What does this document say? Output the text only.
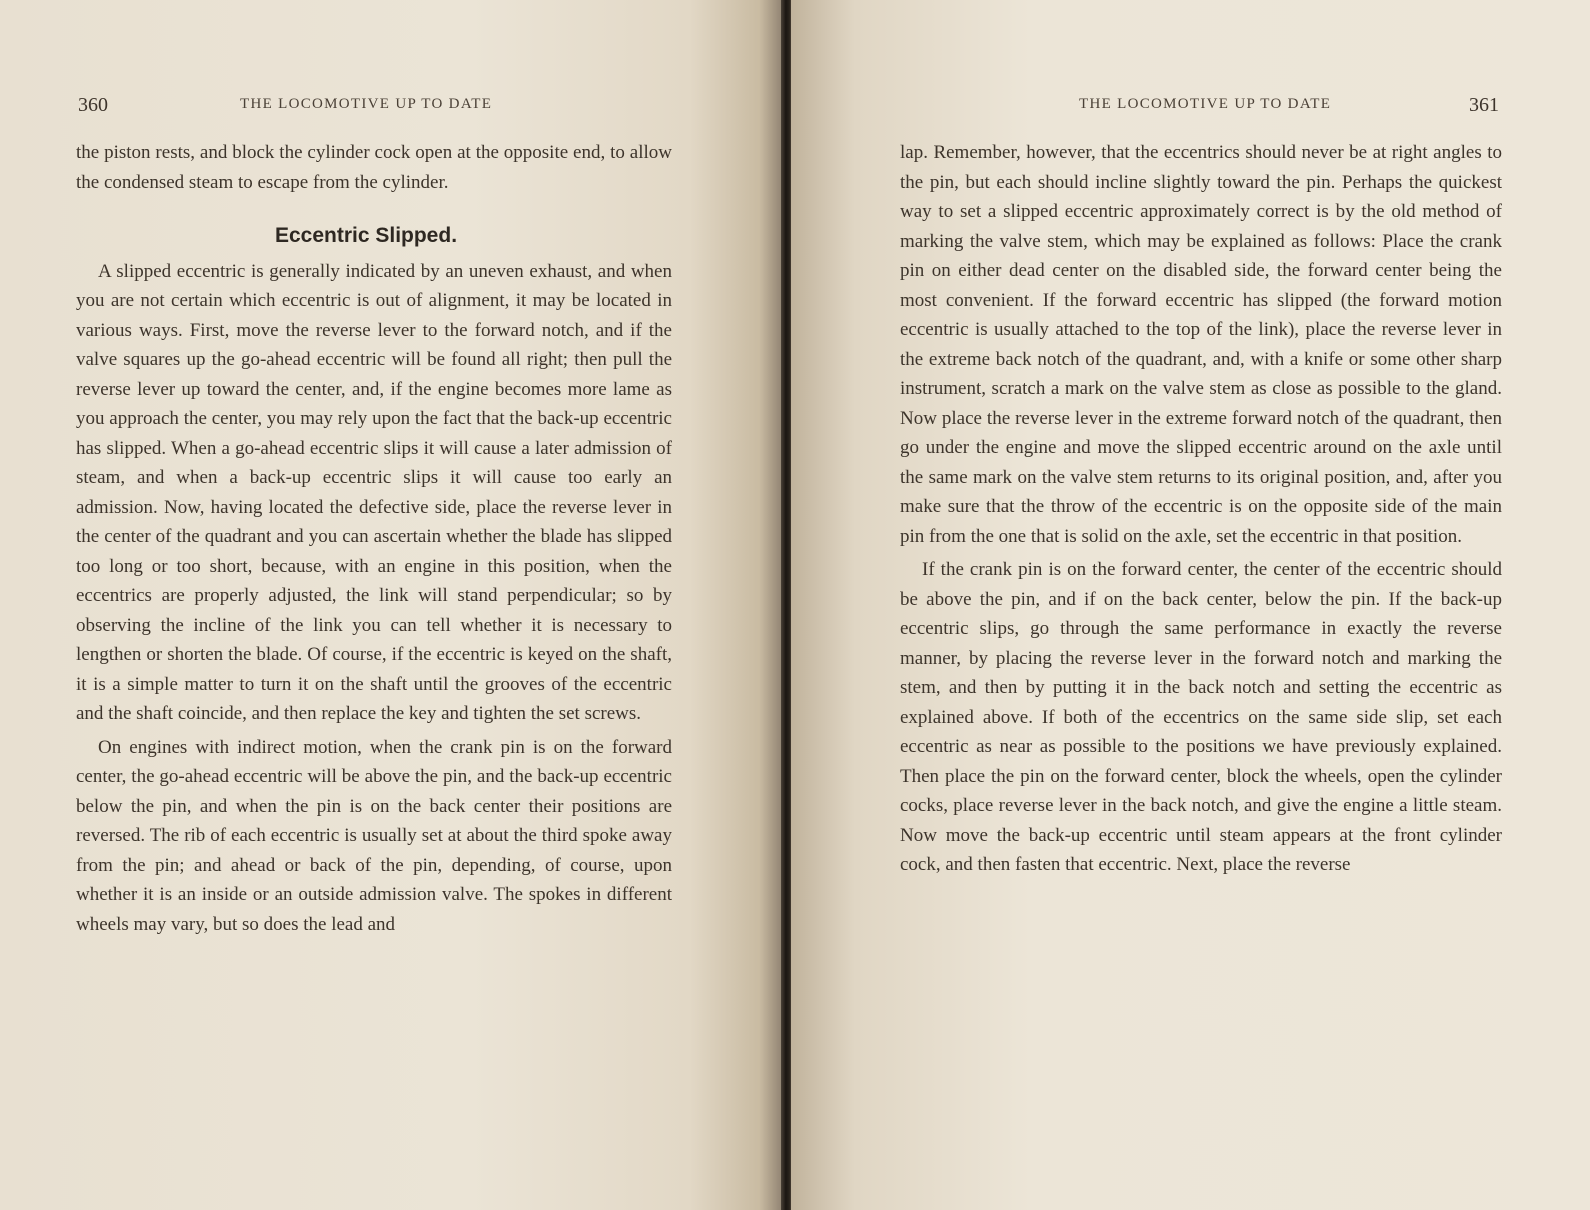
360	THE LOCOMOTIVE UP TO DATE

the piston rests, and block the cylinder cock open at the opposite end, to allow the condensed steam to escape from the cylinder.

Eccentric Slipped.

A slipped eccentric is generally indicated by an uneven exhaust, and when you are not certain which eccentric is out of alignment, it may be located in various ways. First, move the reverse lever to the forward notch, and if the valve squares up the go-ahead eccentric will be found all right; then pull the reverse lever up toward the center, and, if the engine becomes more lame as you approach the center, you may rely upon the fact that the back-up eccentric has slipped. When a go-ahead eccentric slips it will cause a later admission of steam, and when a back-up eccentric slips it will cause too early an admission. Now, having located the defective side, place the reverse lever in the center of the quadrant and you can ascertain whether the blade has slipped too long or too short, because, with an engine in this position, when the eccentrics are properly adjusted, the link will stand perpendicular; so by observing the incline of the link you can tell whether it is necessary to lengthen or shorten the blade. Of course, if the eccentric is keyed on the shaft, it is a simple matter to turn it on the shaft until the grooves of the eccentric and the shaft coincide, and then replace the key and tighten the set screws.

On engines with indirect motion, when the crank pin is on the forward center, the go-ahead eccentric will be above the pin, and the back-up eccentric below the pin, and when the pin is on the back center their positions are reversed. The rib of each eccentric is usually set at about the third spoke away from the pin; and ahead or back of the pin, depending, of course, upon whether it is an inside or an outside admission valve. The spokes in different wheels may vary, but so does the lead and

THE LOCOMOTIVE UP TO DATE	361

lap. Remember, however, that the eccentrics should never be at right angles to the pin, but each should incline slightly toward the pin. Perhaps the quickest way to set a slipped eccentric approximately correct is by the old method of marking the valve stem, which may be explained as follows: Place the crank pin on either dead center on the disabled side, the forward center being the most convenient. If the forward eccentric has slipped (the forward motion eccentric is usually attached to the top of the link), place the reverse lever in the extreme back notch of the quadrant, and, with a knife or some other sharp instrument, scratch a mark on the valve stem as close as possible to the gland. Now place the reverse lever in the extreme forward notch of the quadrant, then go under the engine and move the slipped eccentric around on the axle until the same mark on the valve stem returns to its original position, and, after you make sure that the throw of the eccentric is on the opposite side of the main pin from the one that is solid on the axle, set the eccentric in that position.

If the crank pin is on the forward center, the center of the eccentric should be above the pin, and if on the back center, below the pin. If the back-up eccentric slips, go through the same performance in exactly the reverse manner, by placing the reverse lever in the forward notch and marking the stem, and then by putting it in the back notch and setting the eccentric as explained above. If both of the eccentrics on the same side slip, set each eccentric as near as possible to the positions we have previously explained. Then place the pin on the forward center, block the wheels, open the cylinder cocks, place reverse lever in the back notch, and give the engine a little steam. Now move the back-up eccentric until steam appears at the front cylinder cock, and then fasten that eccentric. Next, place the reverse
